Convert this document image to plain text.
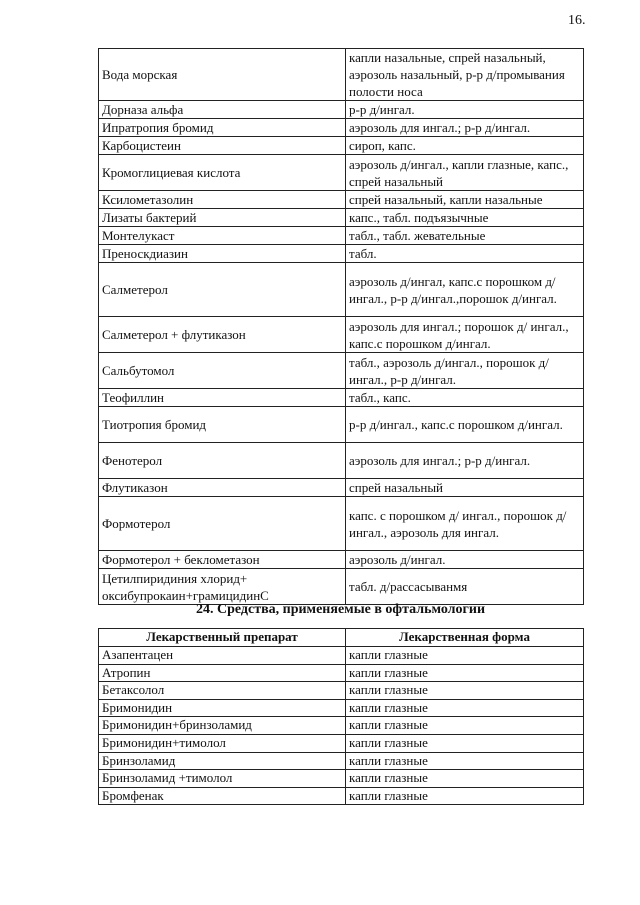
16.
Вода морская	капли назальные, спрей назальный, аэрозоль назальный, р-р д/промывания полости носа
Дорназа альфа	р-р д/ингал.
Ипратропия бромид	аэрозоль для ингал.; р-р д/ингал.
Карбоцистеин	сироп, капс.
Кромоглициевая кислота	аэрозоль д/ингал., капли глазные, капс., спрей назальный
Ксилометазолин	спрей назальный, капли назальные
Лизаты бактерий	капс., табл. подъязычные
Монтелукаст	табл., табл. жевательные
Преноскдиазин	табл.
Салметерол	аэрозоль д/ингал, капс.с порошком д/ингал., р-р д/ингал.,порошок д/ингал.
Салметерол + флутиказон	аэрозоль для ингал.; порошок д/ ингал., капс.с порошком д/ингал.
Сальбутомол	табл., аэрозоль д/ингал., порошок д/ингал., р-р д/ингал.
Теофиллин	табл., капс.
Тиотропия бромид	р-р д/ингал., капс.с порошком д/ингал.
Фенотерол	аэрозоль для ингал.; р-р д/ингал.
Флутиказон	спрей назальный
Формотерол	капс. с порошком д/ ингал., порошок д/ ингал., аэрозоль для ингал.
Формотерол + беклометазон	аэрозоль д/ингал.
Цетилпиридиния хлорид+ оксибупрокаин+грамицидинС	табл. д/рассасыванмя
24. Средства, применяемые в офтальмологии
Лекарственный препарат	Лекарственная форма
Азапентацен	капли глазные
Атропин	капли глазные
Бетаксолол	капли глазные
Бримонидин	капли глазные
Бримонидин+бринзоламид	капли глазные
Бримонидин+тимолол	капли глазные
Бринзоламид	капли глазные
Бринзоламид +тимолол	капли глазные
Бромфенак	капли глазные
